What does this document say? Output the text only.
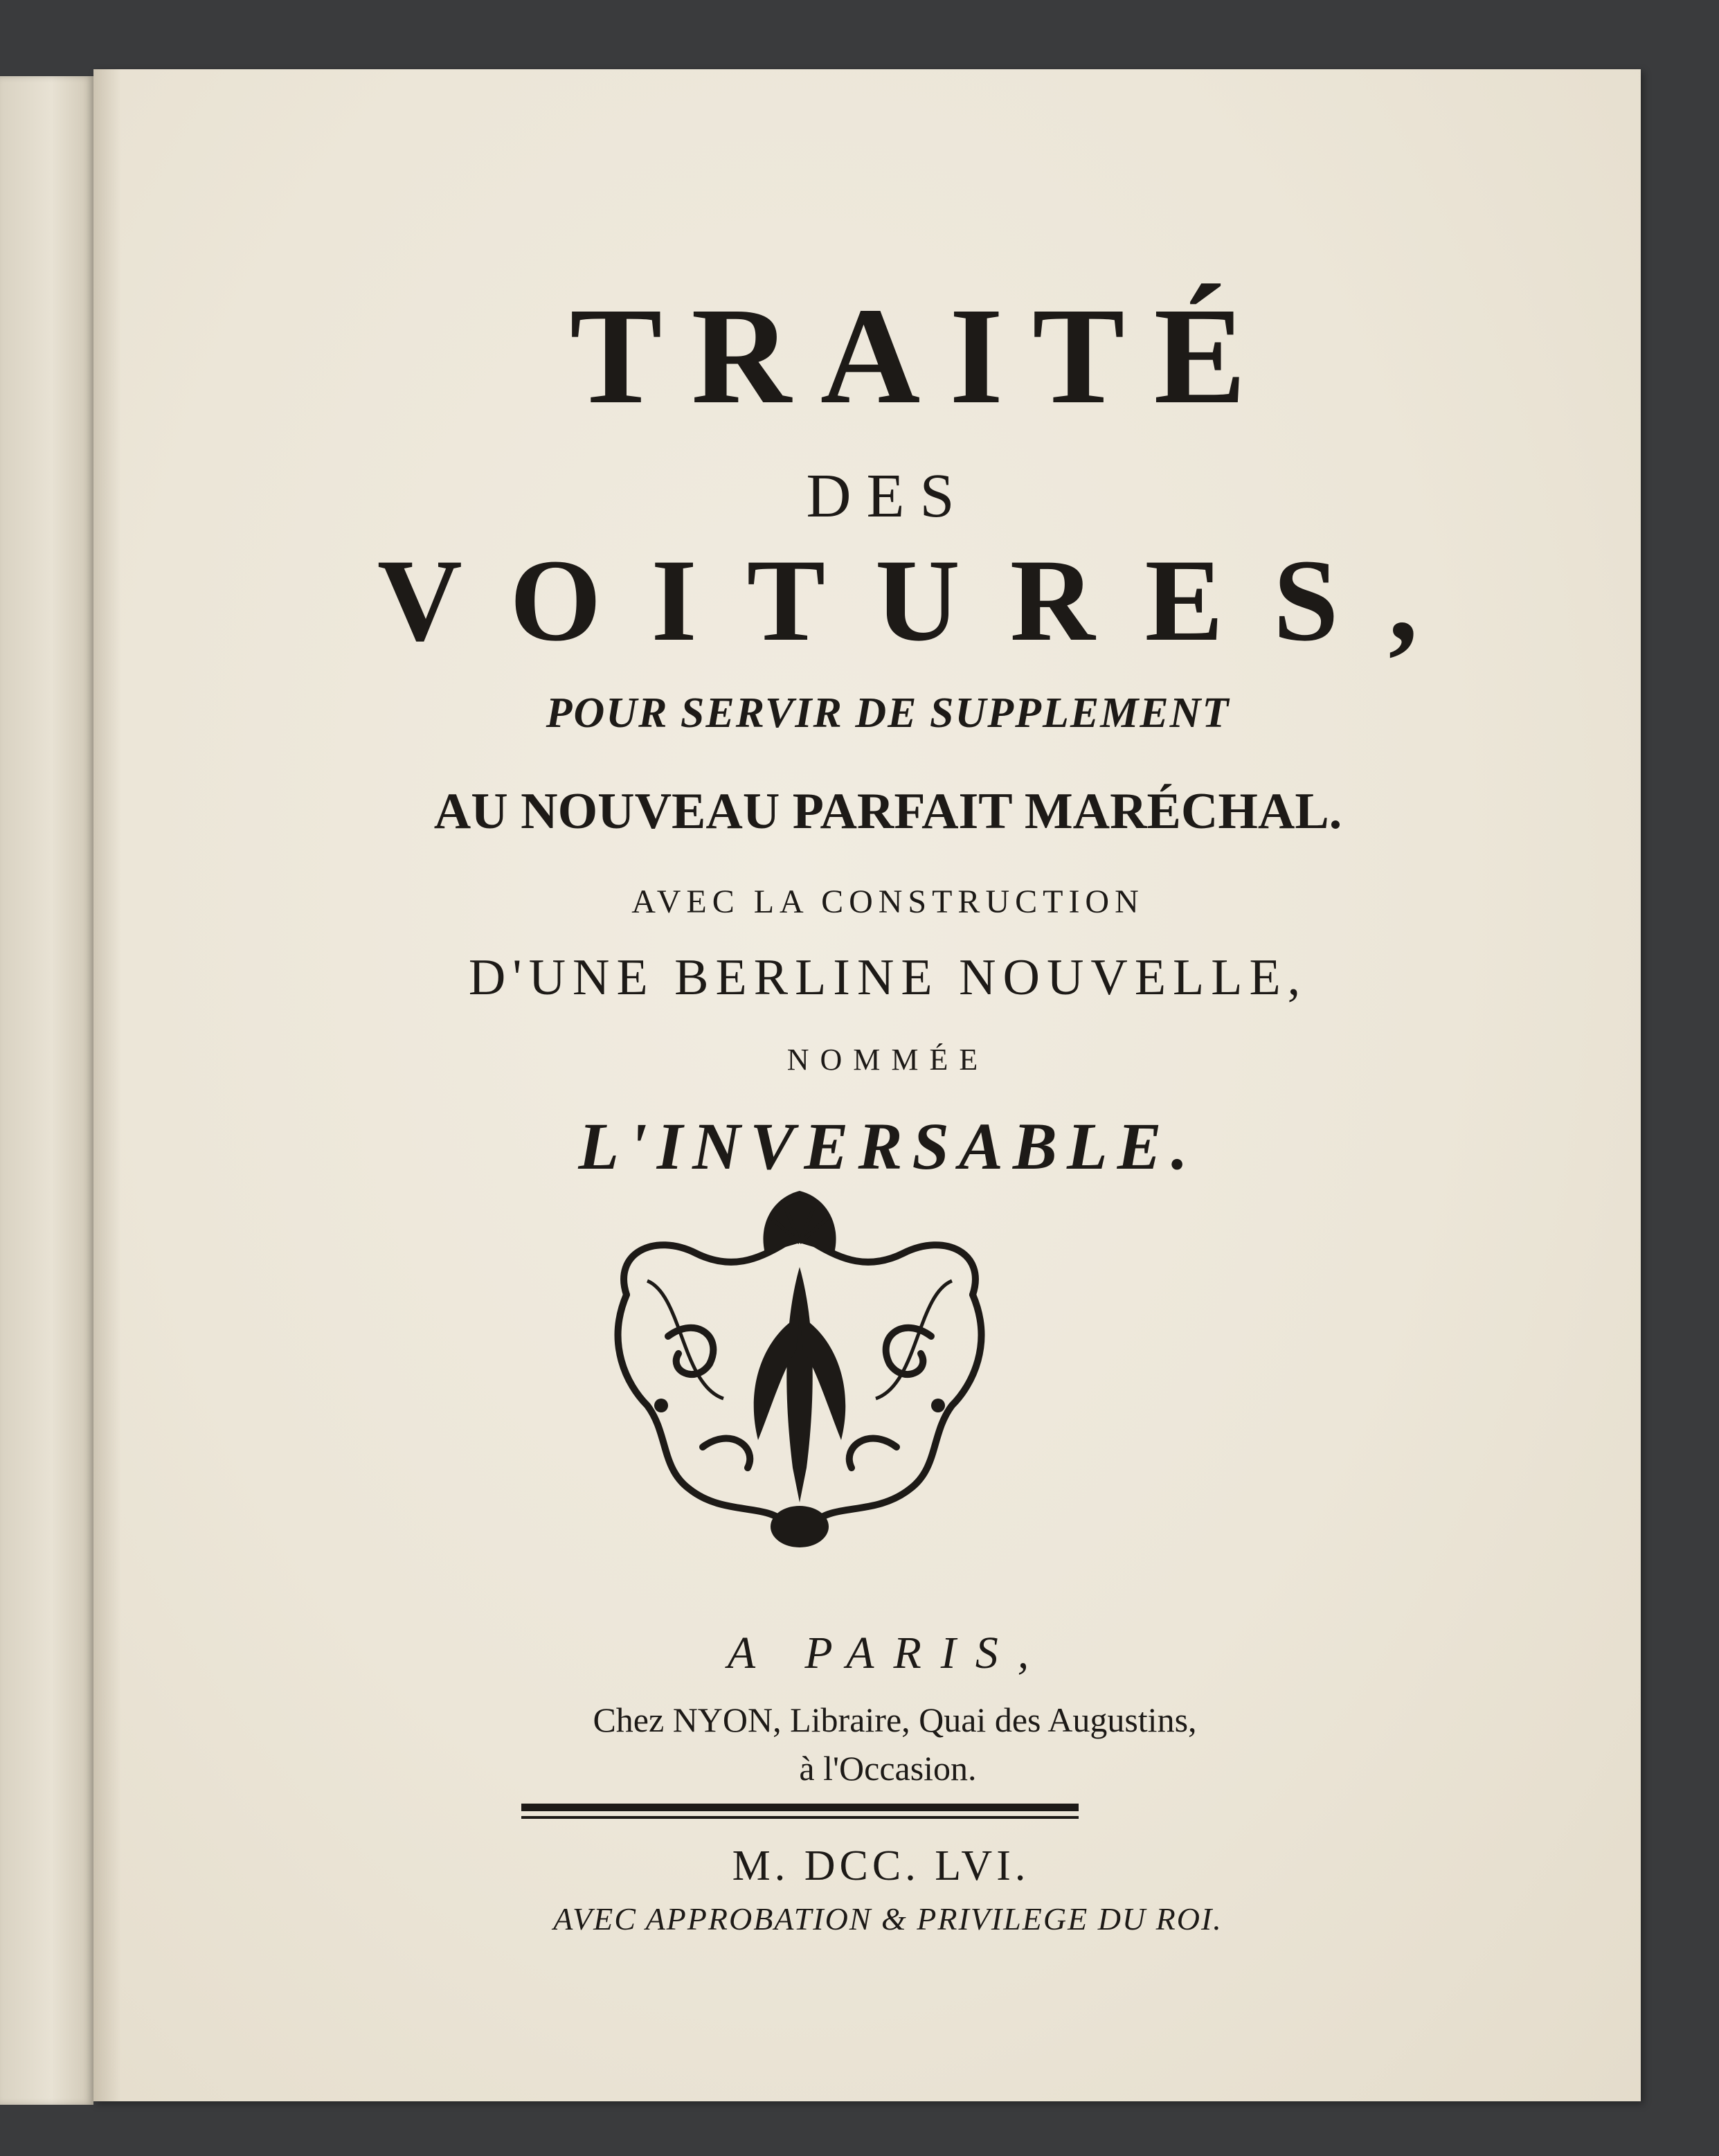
TRAITÉ
DES
VOITURES,
POUR SERVIR DE SUPPLEMENT
AU NOUVEAU PARFAIT MARÉCHAL.
AVEC LA CONSTRUCTION
D'UNE BERLINE NOUVELLE,
NOMMÉE
L'INVERSABLE.
A PARIS,
Chez NYON, Libraire, Quai des Augustins,
à l'Occasion.
M. DCC. LVI.
AVEC APPROBATION & PRIVILEGE DU ROI.
